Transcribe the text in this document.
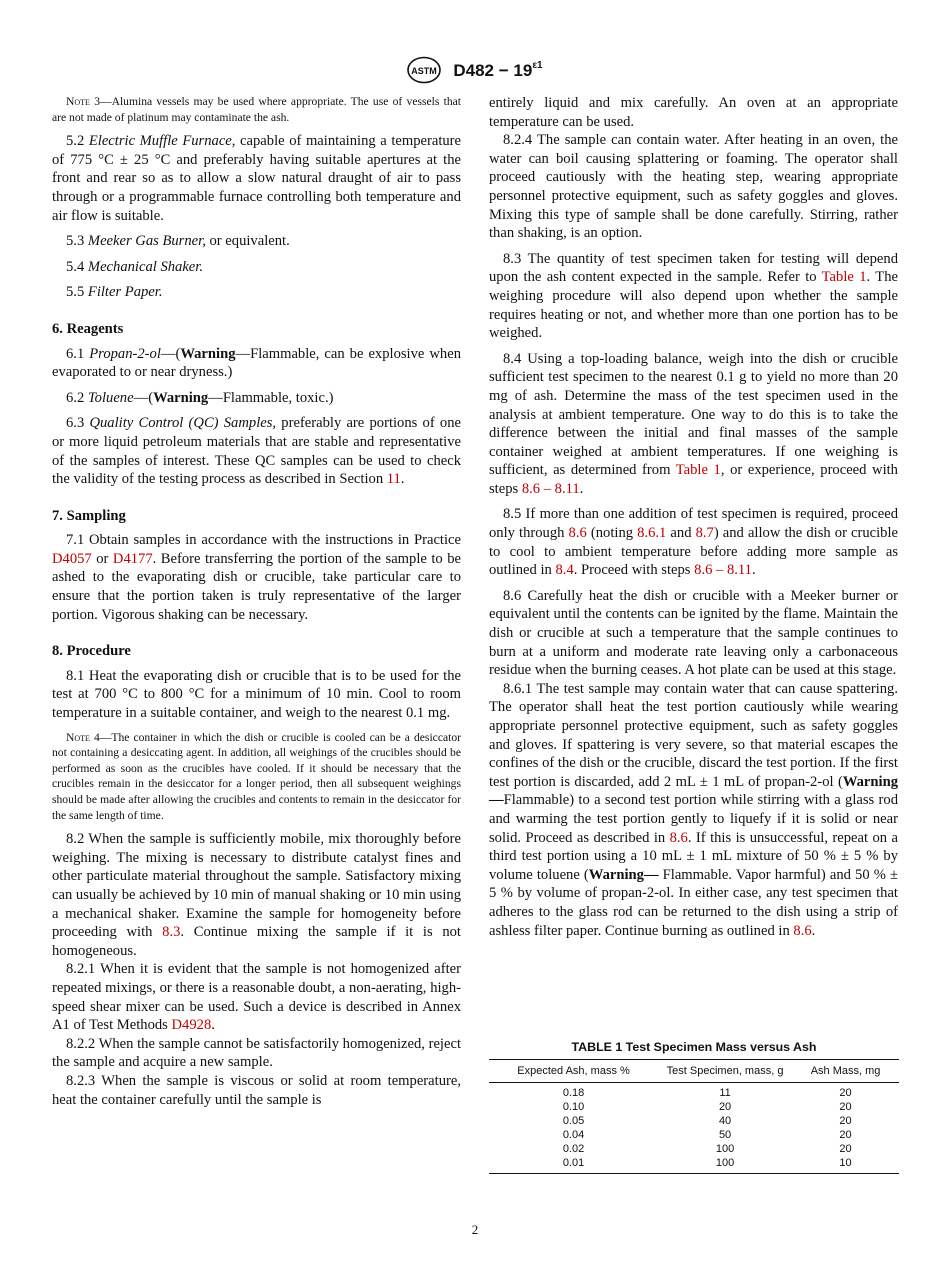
ASTM $D482 - 19^{\varepsilon 1}$
Note 3—Alumina vessels may be used where appropriate. The use of vessels that are not made of platinum may contaminate the ash.

5.2 Electric Muffle Furnace, capable of maintaining a temperature of 775 °C ± 25 °C and preferably having suitable apertures at the front and rear so as to allow a slow natural draught of air to pass through or a programmable furnace controlling both temperature and air flow is suitable.

5.3 Meeker Gas Burner, or equivalent.

5.4 Mechanical Shaker.

5.5 Filter Paper.

6. Reagents

6.1 Propan-2-ol—(Warning—Flammable, can be explosive when evaporated to or near dryness.)

6.2 Toluene—(Warning—Flammable, toxic.)

6.3 Quality Control (QC) Samples, preferably are portions of one or more liquid petroleum materials that are stable and representative of the samples of interest. These QC samples can be used to check the validity of the testing process as described in Section 11.

7. Sampling

7.1 Obtain samples in accordance with the instructions in Practice D4057 or D4177. Before transferring the portion of the sample to be ashed to the evaporating dish or crucible, take particular care to ensure that the portion taken is truly representative of the larger portion. Vigorous shaking can be necessary.

8. Procedure

8.1 Heat the evaporating dish or crucible that is to be used for the test at 700 °C to 800 °C for a minimum of 10 min. Cool to room temperature in a suitable container, and weigh to the nearest 0.1 mg.

Note 4—The container in which the dish or crucible is cooled can be a desiccator not containing a desiccating agent. In addition, all weighings of the crucibles should be performed as soon as the crucibles have cooled. If it should be necessary that the crucibles remain in the desiccator for a longer period, then all subsequent weighings should be made after allowing the crucibles and contents to remain in the desiccator for the same length of time.

8.2 When the sample is sufficiently mobile, mix thoroughly before weighing. The mixing is necessary to distribute catalyst fines and other particulate material throughout the sample. Satisfactory mixing can usually be achieved by 10 min of manual shaking or 10 min using a mechanical shaker. Examine the sample for homogeneity before proceeding with 8.3. Continue mixing the sample if it is not homogeneous.

8.2.1 When it is evident that the sample is not homogenized after repeated mixings, or there is a reasonable doubt, a non-aerating, high-speed shear mixer can be used. Such a device is described in Annex A1 of Test Methods D4928.

8.2.2 When the sample cannot be satisfactorily homogenized, reject the sample and acquire a new sample.

8.2.3 When the sample is viscous or solid at room temperature, heat the container carefully until the sample is

entirely liquid and mix carefully. An oven at an appropriate temperature can be used.

8.2.4 The sample can contain water. After heating in an oven, the water can boil causing splattering or foaming. The operator shall proceed cautiously with the heating step, wearing appropriate personnel protective equipment, such as safety goggles and gloves. Mixing this type of sample shall be done carefully. Stirring, rather than shaking, is an option.

8.3 The quantity of test specimen taken for testing will depend upon the ash content expected in the sample. Refer to Table 1. The weighing procedure will also depend upon whether the sample requires heating or not, and whether more than one portion has to be weighed.

8.4 Using a top-loading balance, weigh into the dish or crucible sufficient test specimen to the nearest 0.1 g to yield no more than 20 mg of ash. Determine the mass of the test specimen used in the analysis at ambient temperature. One way to do this is to take the difference between the initial and final masses of the sample container weighed at ambient temperatures. If one weighing is sufficient, as determined from Table 1, or experience, proceed with steps 8.6 – 8.11.

8.5 If more than one addition of test specimen is required, proceed only through 8.6 (noting 8.6.1 and 8.7) and allow the dish or crucible to cool to ambient temperature before adding more sample as outlined in 8.4. Proceed with steps 8.6 – 8.11.

8.6 Carefully heat the dish or crucible with a Meeker burner or equivalent until the contents can be ignited by the flame. Maintain the dish or crucible at such a temperature that the sample continues to burn at a uniform and moderate rate leaving only a carbonaceous residue when the burning ceases. A hot plate can be used at this stage.

8.6.1 The test sample may contain water that can cause spattering. The operator shall heat the test portion cautiously while wearing appropriate personnel protective equipment, such as safety goggles and gloves. If spattering is very severe, so that material escapes the confines of the dish or the crucible, discard the test portion. If the first test portion is discarded, add 2 mL ± 1 mL of propan-2-ol (Warning—Flammable) to a second test portion while stirring with a glass rod and warming the test portion gently to liquefy if it is solid or near solid. Proceed as described in 8.6. If this is unsuccessful, repeat on a third test portion using a 10 mL ± 1 mL mixture of 50 % ± 5 % by volume toluene (Warning— Flammable. Vapor harmful) and 50 % ± 5 % by volume of propan-2-ol. In either case, any test specimen that adheres to the glass rod can be returned to the dish using a strip of ashless filter paper. Continue burning as outlined in 8.6.

TABLE 1 Test Specimen Mass versus Ash
Expected Ash, mass %	Test Specimen, mass, g	Ash Mass, mg
0.18	11	20
0.10	20	20
0.05	40	20
0.04	50	20
0.02	100	20
0.01	100	10
2
